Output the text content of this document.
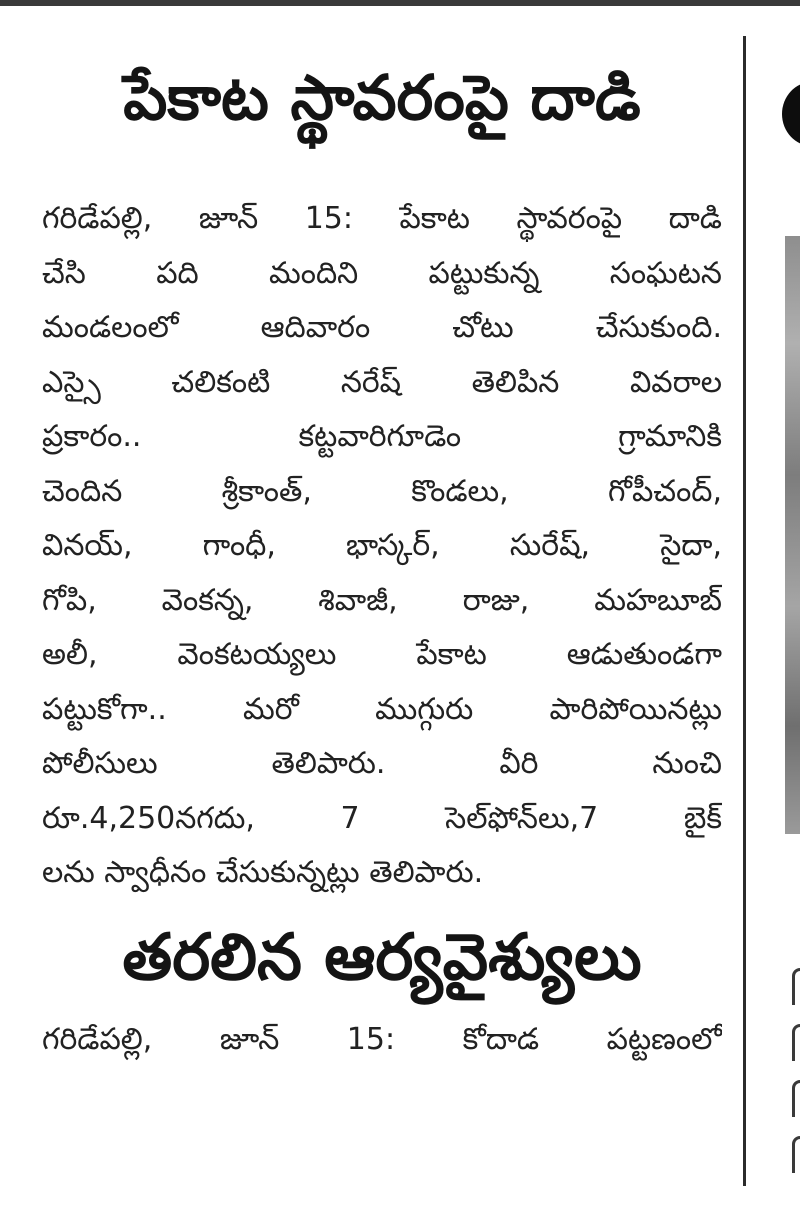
పేకాట స్థావరంపై దాడి
గరిడేపల్లి, జూన్ 15: పేకాట స్థావరంపై దాడి
చేసి పది మందిని పట్టుకున్న సంఘటన
మండలంలో ఆదివారం చోటు చేసుకుంది.
ఎస్సై చలికంటి నరేష్ తెలిపిన వివరాల
ప్రకారం.. కట్టవారిగూడెం గ్రామానికి
చెందిన శ్రీకాంత్, కొండలు, గోపీచంద్,
వినయ్, గాంధీ, భాస్కర్, సురేష్, సైదా,
గోపి, వెంకన్న, శివాజీ, రాజు, మహబూబ్
అలీ, వెంకటయ్యలు పేకాట ఆడుతుండగా
పట్టుకోగా.. మరో ముగ్గురు పారిపోయినట్లు
పోలీసులు తెలిపారు. వీరి నుంచి
రూ.4,250నగదు, 7 సెల్‌ఫోన్‌లు,7 బైక్
లను స్వాధీనం చేసుకున్నట్లు తెలిపారు.
తరలిన ఆర్యవైశ్యులు
గరిడేపల్లి, జూన్ 15: కోదాడ పట్టణంలో
